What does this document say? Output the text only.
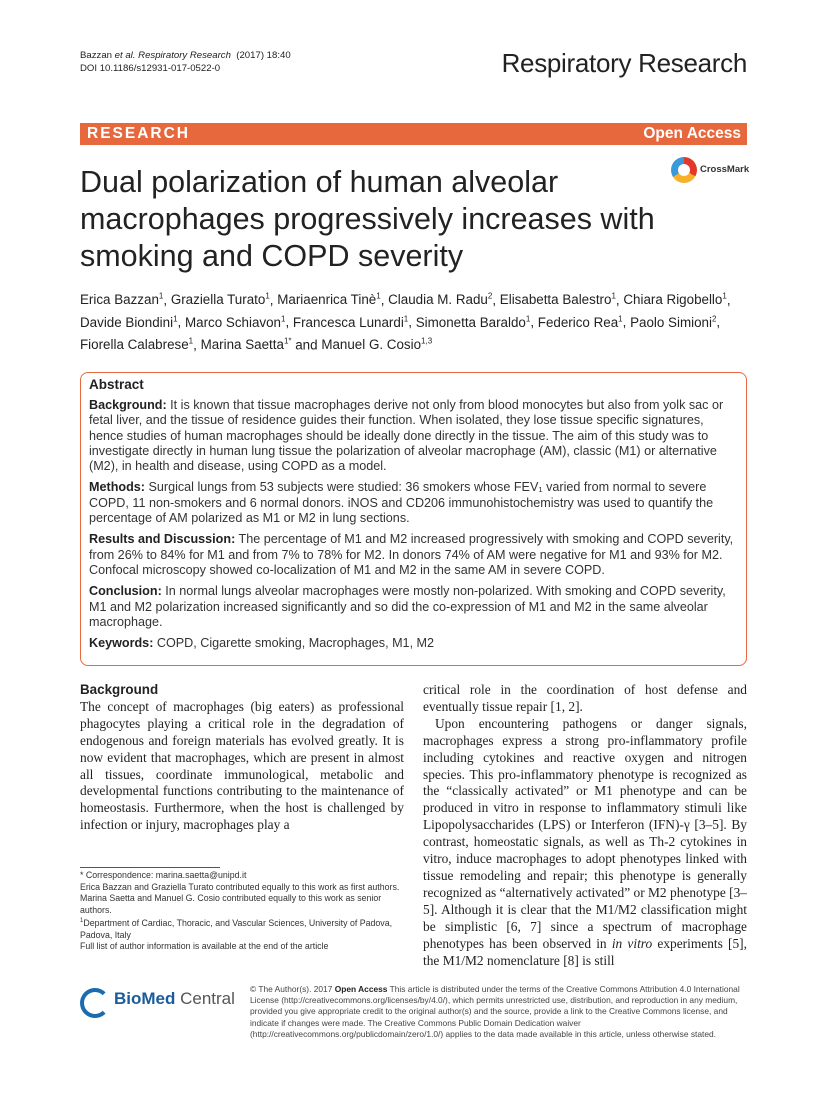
Bazzan et al. Respiratory Research (2017) 18:40
DOI 10.1186/s12931-017-0522-0	Respiratory Research
RESEARCH	Open Access
Dual polarization of human alveolar macrophages progressively increases with smoking and COPD severity
CrossMark
Erica Bazzan$^1$, Graziella Turato$^1$, Mariaenrica Tinè$^1$, Claudia M. Radu$^2$, Elisabetta Balestro$^1$, Chiara Rigobello$^1$, Davide Biondini$^1$, Marco Schiavon$^1$, Francesca Lunardi$^1$, Simonetta Baraldo$^1$, Federico Rea$^1$, Paolo Simioni$^2$, Fiorella Calabrese$^1$, Marina Saetta$^{1*}$ and Manuel G. Cosio$^{1,3}$
Abstract

Background: It is known that tissue macrophages derive not only from blood monocytes but also from yolk sac or fetal liver, and the tissue of residence guides their function. When isolated, they lose tissue specific signatures, hence studies of human macrophages should be ideally done directly in the tissue. The aim of this study was to investigate directly in human lung tissue the polarization of alveolar macrophage (AM), classic (M1) or alternative (M2), in health and disease, using COPD as a model.

Methods: Surgical lungs from 53 subjects were studied: 36 smokers whose FEV₁ varied from normal to severe COPD, 11 non-smokers and 6 normal donors. iNOS and CD206 immunohistochemistry was used to quantify the percentage of AM polarized as M1 or M2 in lung sections.

Results and Discussion: The percentage of M1 and M2 increased progressively with smoking and COPD severity, from 26% to 84% for M1 and from 7% to 78% for M2. In donors 74% of AM were negative for M1 and 93% for M2. Confocal microscopy showed co-localization of M1 and M2 in the same AM in severe COPD.

Conclusion: In normal lungs alveolar macrophages were mostly non-polarized. With smoking and COPD severity, M1 and M2 polarization increased significantly and so did the co-expression of M1 and M2 in the same alveolar macrophage.

Keywords: COPD, Cigarette smoking, Macrophages, M1, M2

Background
The concept of macrophages (big eaters) as professional phagocytes playing a critical role in the degradation of endogenous and foreign materials has evolved greatly. It is now evident that macrophages, which are present in almost all tissues, coordinate immunological, metabolic and developmental functions contributing to the maintenance of homeostasis. Furthermore, when the host is challenged by infection or injury, macrophages play a
critical role in the coordination of host defense and eventually tissue repair [1, 2].
Upon encountering pathogens or danger signals, macrophages express a strong pro-inflammatory profile including cytokines and reactive oxygen and nitrogen species. This pro-inflammatory phenotype is recognized as the “classically activated” or M1 phenotype and can be produced in vitro in response to inflammatory stimuli like Lipopolysaccharides (LPS) or Interferon (IFN)-γ [3–5]. By contrast, homeostatic signals, as well as Th-2 cytokines in vitro, induce macrophages to adopt phenotypes linked with tissue remodeling and repair; this phenotype is generally recognized as “alternatively activated” or M2 phenotype [3–5]. Although it is clear that the M1/M2 classification might be simplistic [6, 7] since a spectrum of macrophage phenotypes has been observed in in vitro experiments [5], the M1/M2 nomenclature [8] is still
* Correspondence: marina.saetta@unipd.it
Erica Bazzan and Graziella Turato contributed equally to this work as first authors.
Marina Saetta and Manuel G. Cosio contributed equally to this work as senior authors.
$^1$Department of Cardiac, Thoracic, and Vascular Sciences, University of Padova, Padova, Italy
Full list of author information is available at the end of the article
BioMed Central © The Author(s). 2017 Open Access This article is distributed under the terms of the Creative Commons Attribution 4.0 International License (http://creativecommons.org/licenses/by/4.0/), which permits unrestricted use, distribution, and reproduction in any medium, provided you give appropriate credit to the original author(s) and the source, provide a link to the Creative Commons license, and indicate if changes were made. The Creative Commons Public Domain Dedication waiver (http://creativecommons.org/publicdomain/zero/1.0/) applies to the data made available in this article, unless otherwise stated.
